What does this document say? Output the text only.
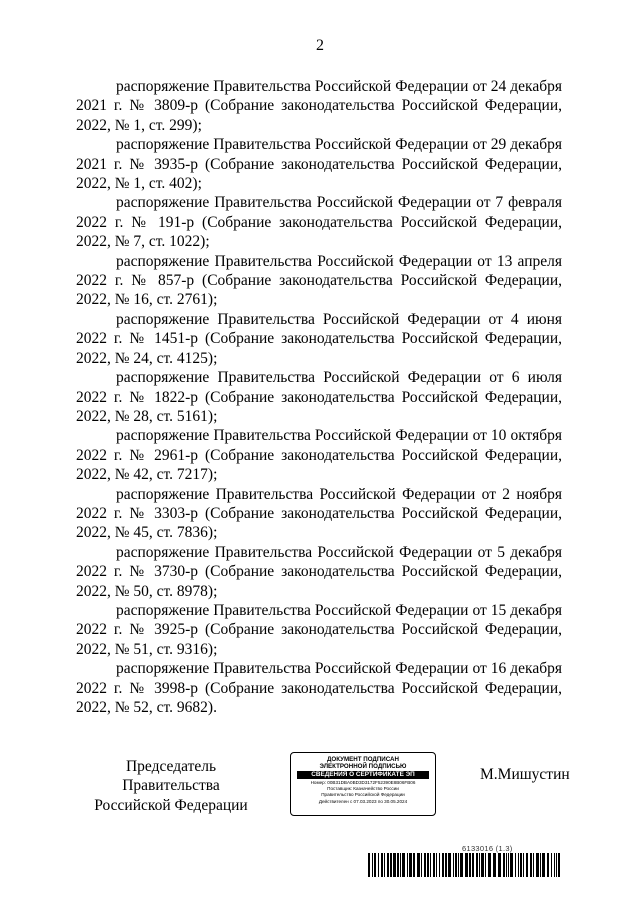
2

распоряжение Правительства Российской Федерации от 24 декабря 2021 г. № 3809-р (Собрание законодательства Российской Федерации, 2022, № 1, ст. 299);

распоряжение Правительства Российской Федерации от 29 декабря 2021 г. № 3935-р (Собрание законодательства Российской Федерации, 2022, № 1, ст. 402);

распоряжение Правительства Российской Федерации от 7 февраля 2022 г. № 191-р (Собрание законодательства Российской Федерации, 2022, № 7, ст. 1022);

распоряжение Правительства Российской Федерации от 13 апреля 2022 г. № 857-р (Собрание законодательства Российской Федерации, 2022, № 16, ст. 2761);

распоряжение Правительства Российской Федерации от 4 июня 2022 г. № 1451-р (Собрание законодательства Российской Федерации, 2022, № 24, ст. 4125);

распоряжение Правительства Российской Федерации от 6 июля 2022 г. № 1822-р (Собрание законодательства Российской Федерации, 2022, № 28, ст. 5161);

распоряжение Правительства Российской Федерации от 10 октября 2022 г. № 2961-р (Собрание законодательства Российской Федерации, 2022, № 42, ст. 7217);

распоряжение Правительства Российской Федерации от 2 ноября 2022 г. № 3303-р (Собрание законодательства Российской Федерации, 2022, № 45, ст. 7836);

распоряжение Правительства Российской Федерации от 5 декабря 2022 г. № 3730-р (Собрание законодательства Российской Федерации, 2022, № 50, ст. 8978);

распоряжение Правительства Российской Федерации от 15 декабря 2022 г. № 3925-р (Собрание законодательства Российской Федерации, 2022, № 51, ст. 9316);

распоряжение Правительства Российской Федерации от 16 декабря 2022 г. № 3998-р (Собрание законодательства Российской Федерации, 2022, № 52, ст. 9682).

Председатель Правительства
Российской Федерации
ДОКУМЕНТ ПОДПИСАН
ЭЛЕКТРОННОЙ ПОДПИСЬЮ
СВЕДЕНИЯ О СЕРТИФИКАТЕ ЭП
Номер: 00B31DBA0BD3D3172F52390E8B06FB06
Поставщик: Казначейство России
Правительство Российской Федерации
Действителен с 07.03.2023 по 30.05.2024
М.Мишустин
6133016 (1.3)
